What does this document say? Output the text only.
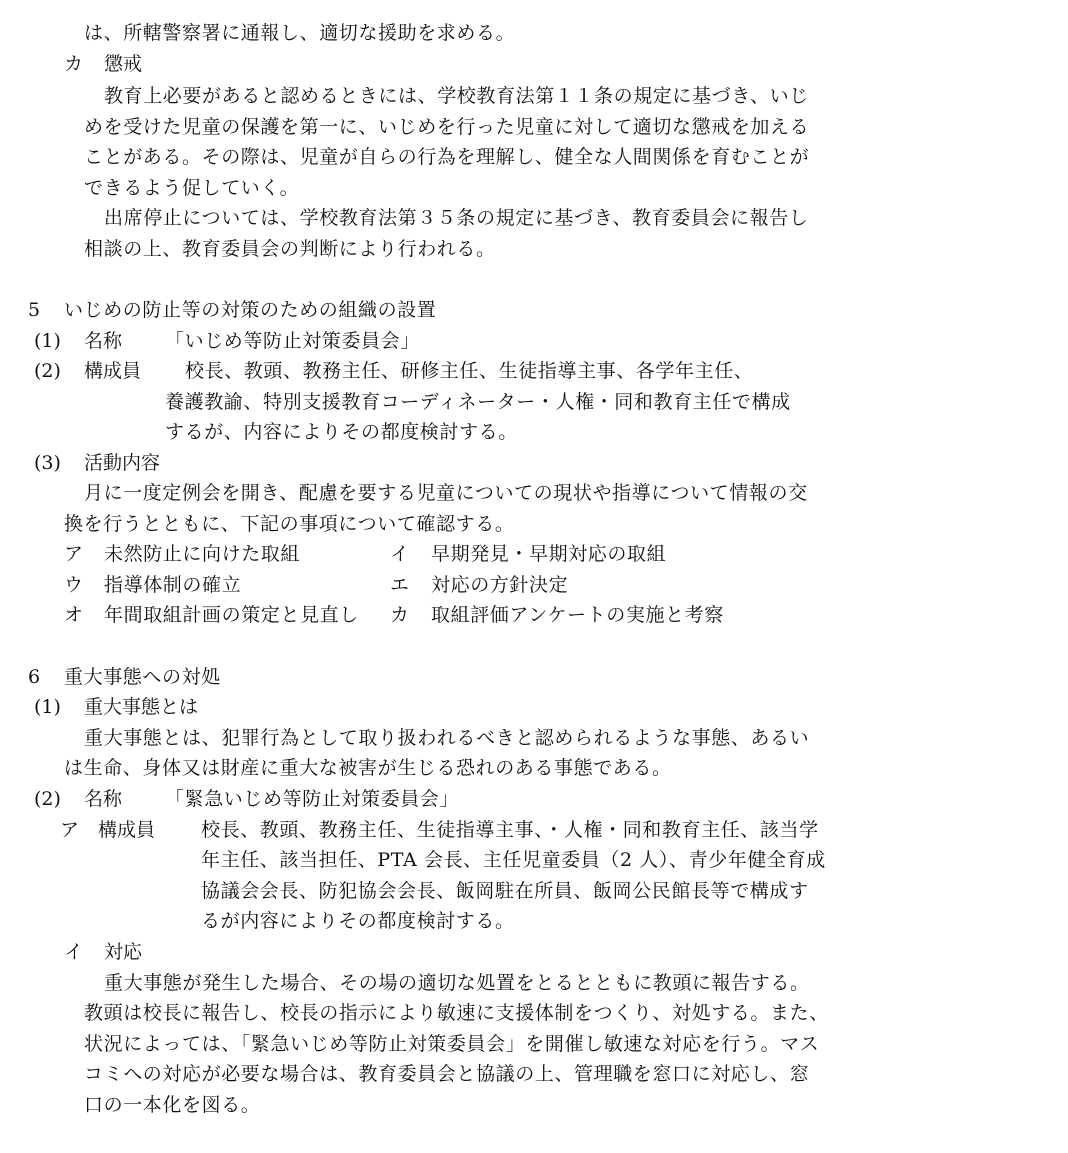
は、所轄警察署に通報し、適切な援助を求める。
カ 懲戒
教育上必要があると認めるときには、学校教育法第１１条の規定に基づき、いじ
めを受けた児童の保護を第一に、いじめを行った児童に対して適切な懲戒を加える
ことがある。その際は、児童が自らの行為を理解し、健全な人間関係を育むことが
できるよう促していく。
出席停止については、学校教育法第３５条の規定に基づき、教育委員会に報告し
相談の上、教育委員会の判断により行われる。
5 いじめの防止等の対策のための組織の設置
(1) 名称 「いじめ等防止対策委員会」
(2) 構成員 校長、教頭、教務主任、研修主任、生徒指導主事、各学年主任、
養護教諭、特別支援教育コーディネーター・人権・同和教育主任で構成
するが、内容によりその都度検討する。
(3) 活動内容
月に一度定例会を開き、配慮を要する児童についての現状や指導について情報の交
換を行うとともに、下記の事項について確認する。
ア 未然防止に向けた取組	イ 早期発見・早期対応の取組
ウ 指導体制の確立	エ 対応の方針決定
オ 年間取組計画の策定と見直し カ 取組評価アンケートの実施と考察
6 重大事態への対処
(1) 重大事態とは
重大事態とは、犯罪行為として取り扱われるべきと認められるような事態、あるい
は生命、身体又は財産に重大な被害が生じる恐れのある事態である。
(2) 名称 「緊急いじめ等防止対策委員会」
ア 構成員 校長、教頭、教務主任、生徒指導主事、・人権・同和教育主任、該当学
年主任、該当担任、PTA 会長、主任児童委員（2 人）、青少年健全育成
協議会会長、防犯協会会長、飯岡駐在所員、飯岡公民館長等で構成す
るが内容によりその都度検討する。
イ 対応
重大事態が発生した場合、その場の適切な処置をとるとともに教頭に報告する。
教頭は校長に報告し、校長の指示により敏速に支援体制をつくり、対処する。また、
状況によっては、「緊急いじめ等防止対策委員会」を開催し敏速な対応を行う。マス
コミへの対応が必要な場合は、教育委員会と協議の上、管理職を窓口に対応し、窓
口の一本化を図る。
